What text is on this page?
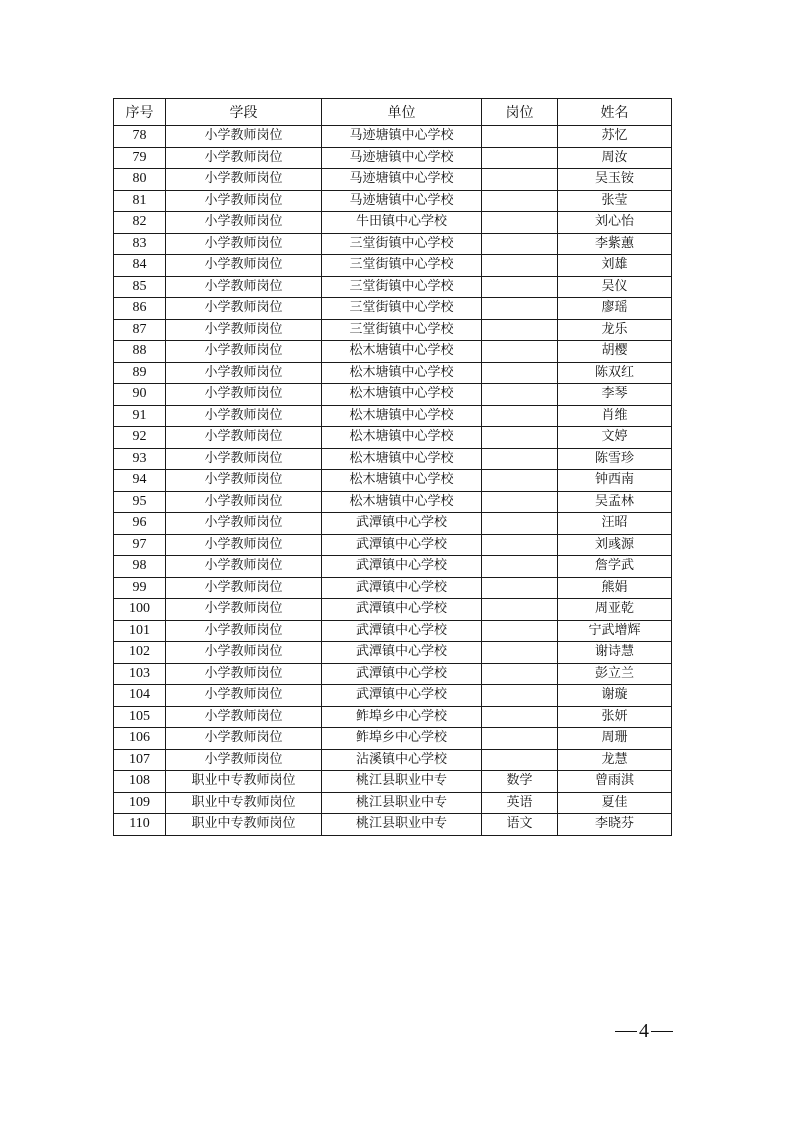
序号	学段	单位	岗位	姓名
78	小学教师岗位	马迹塘镇中心学校		苏忆
79	小学教师岗位	马迹塘镇中心学校		周汝
80	小学教师岗位	马迹塘镇中心学校		吴玉铵
81	小学教师岗位	马迹塘镇中心学校		张莹
82	小学教师岗位	牛田镇中心学校		刘心怡
83	小学教师岗位	三堂街镇中心学校		李紫蕙
84	小学教师岗位	三堂街镇中心学校		刘雄
85	小学教师岗位	三堂街镇中心学校		吴仪
86	小学教师岗位	三堂街镇中心学校		廖瑶
87	小学教师岗位	三堂街镇中心学校		龙乐
88	小学教师岗位	松木塘镇中心学校		胡樱
89	小学教师岗位	松木塘镇中心学校		陈双红
90	小学教师岗位	松木塘镇中心学校		李琴
91	小学教师岗位	松木塘镇中心学校		肖维
92	小学教师岗位	松木塘镇中心学校		文婷
93	小学教师岗位	松木塘镇中心学校		陈雪珍
94	小学教师岗位	松木塘镇中心学校		钟西南
95	小学教师岗位	松木塘镇中心学校		吴孟林
96	小学教师岗位	武潭镇中心学校		汪昭
97	小学教师岗位	武潭镇中心学校		刘彧源
98	小学教师岗位	武潭镇中心学校		詹学武
99	小学教师岗位	武潭镇中心学校		熊娟
100	小学教师岗位	武潭镇中心学校		周亚乾
101	小学教师岗位	武潭镇中心学校		宁武增辉
102	小学教师岗位	武潭镇中心学校		谢诗慧
103	小学教师岗位	武潭镇中心学校		彭立兰
104	小学教师岗位	武潭镇中心学校		谢璇
105	小学教师岗位	鲊埠乡中心学校		张妍
106	小学教师岗位	鲊埠乡中心学校		周珊
107	小学教师岗位	沾溪镇中心学校		龙慧
108	职业中专教师岗位	桃江县职业中专	数学	曾雨淇
109	职业中专教师岗位	桃江县职业中专	英语	夏佳
110	职业中专教师岗位	桃江县职业中专	语文	李晓芬
4
